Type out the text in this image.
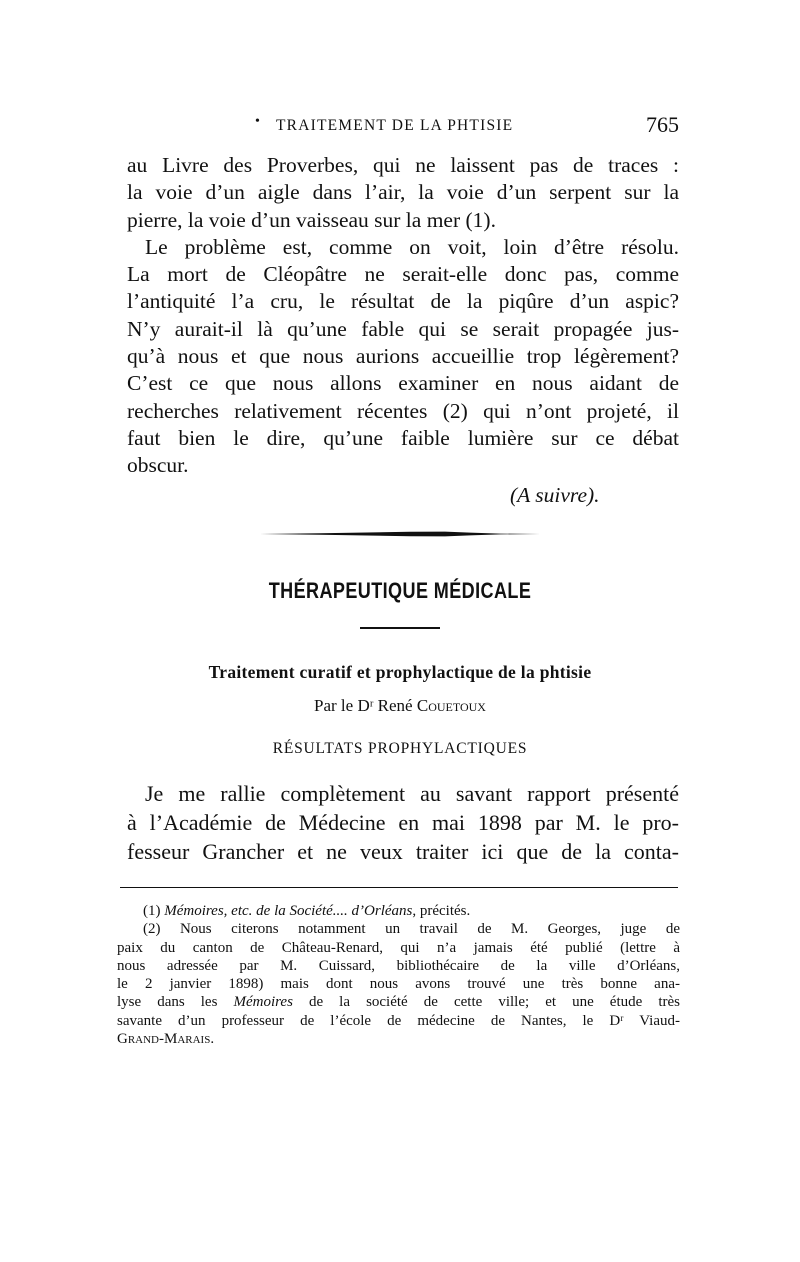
• TRAITEMENT DE LA PHTISIE	765
au Livre des Proverbes, qui ne laissent pas de traces :
la voie d’un aigle dans l’air, la voie d’un serpent sur la
pierre, la voie d’un vaisseau sur la mer (1).
Le problème est, comme on voit, loin d’être résolu.
La mort de Cléopâtre ne serait-elle donc pas, comme
l’antiquité l’a cru, le résultat de la piqûre d’un aspic?
N’y aurait-il là qu’une fable qui se serait propagée jus-
qu’à nous et que nous aurions accueillie trop légèrement?
C’est ce que nous allons examiner en nous aidant de
recherches relativement récentes (2) qui n’ont projeté, il
faut bien le dire, qu’une faible lumière sur ce débat
obscur.
(A suivre).
THÉRAPEUTIQUE MÉDICALE
Traitement curatif et prophylactique de la phtisie
Par le Dʳ René Couetoux
RÉSULTATS PROPHYLACTIQUES
Je me rallie complètement au savant rapport présenté
à l’Académie de Médecine en mai 1898 par M. le pro-
fesseur Grancher et ne veux traiter ici que de la conta-
(1) Mémoires, etc. de la Société.... d’Orléans, précités.
(2) Nous citerons notamment un travail de M. Georges, juge de
paix du canton de Château-Renard, qui n’a jamais été publié (lettre à
nous adressée par M. Cuissard, bibliothécaire de la ville d’Orléans,
le 2 janvier 1898) mais dont nous avons trouvé une très bonne ana-
lyse dans les Mémoires de la société de cette ville; et une étude très
savante d’un professeur de l’école de médecine de Nantes, le Dʳ Viaud-
Grand-Marais.
